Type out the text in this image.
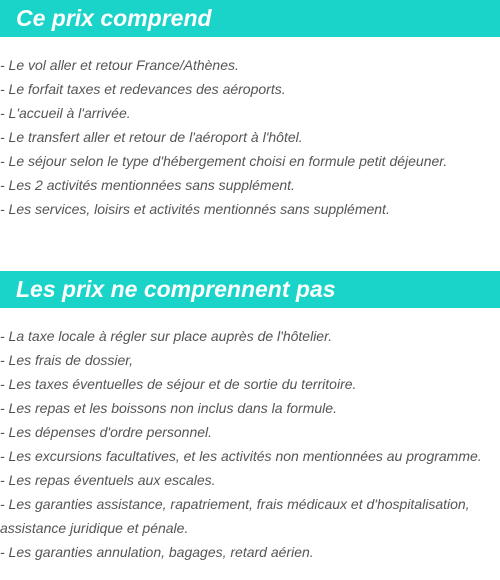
Ce prix comprend
- Le vol aller et retour France/Athènes.
- Le forfait taxes et redevances des aéroports.
- L'accueil à l'arrivée.
- Le transfert aller et retour de l'aéroport à l'hôtel.
- Le séjour selon le type d'hébergement choisi en formule petit déjeuner.
- Les 2 activités mentionnées sans supplément.
- Les services, loisirs et activités mentionnés sans supplément.
Les prix ne comprennent pas
- La taxe locale à régler sur place auprès de l'hôtelier.
- Les frais de dossier,
- Les taxes éventuelles de séjour et de sortie du territoire.
- Les repas et les boissons non inclus dans la formule.
- Les dépenses d'ordre personnel.
- Les excursions facultatives, et les activités non mentionnées au programme.
- Les repas éventuels aux escales.
- Les garanties assistance, rapatriement, frais médicaux et d'hospitalisation,
assistance juridique et pénale.
- Les garanties annulation, bagages, retard aérien.
